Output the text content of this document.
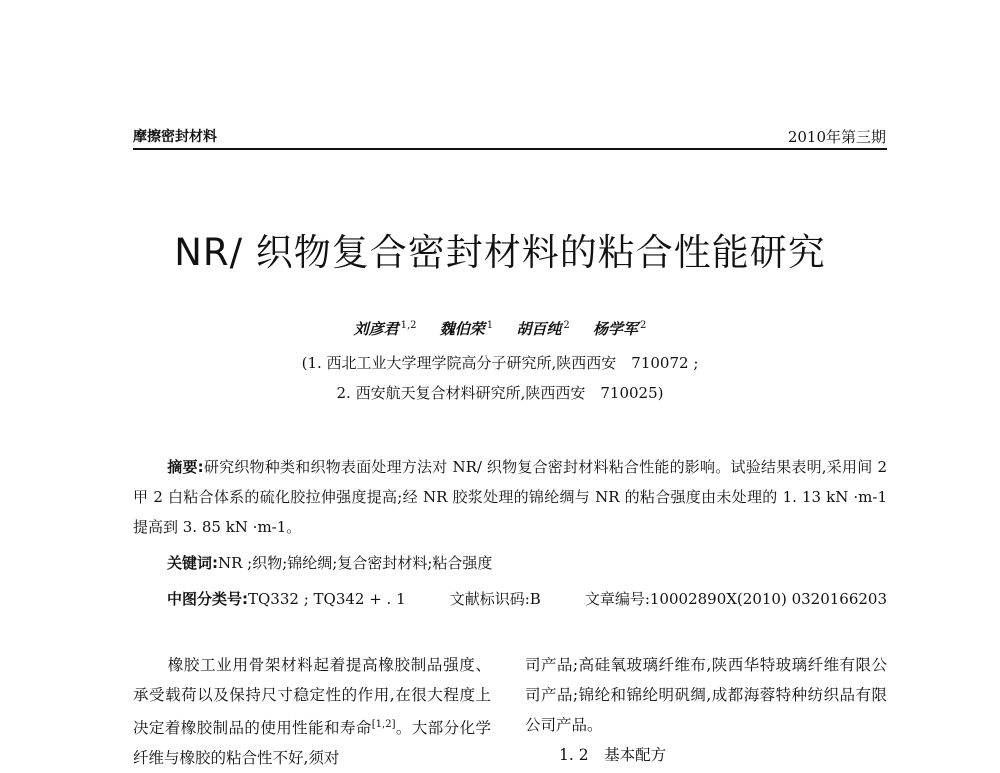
摩擦密封材料	2010年第三期
NR/ 织物复合密封材料的粘合性能研究
刘彦君 $^{1,2}$ 魏伯荣 $^1$ 胡百纯 $^2$ 杨学军 $^2$
(1. 西北工业大学理学院高分子研究所,陕西西安　710072 ;
2. 西安航天复合材料研究所,陕西西安　710025)
摘要:研究织物种类和织物表面处理方法对 NR/ 织物复合密封材料粘合性能的影响。试验结果表明,采用间 2 甲 2 白粘合体系的硫化胶拉伸强度提高;经 NR 胶浆处理的锦纶绸与 NR 的粘合强度由未处理的 1. 13 kN ·m-1 提高到 3. 85 kN ·m-1。
关键词:NR ;织物;锦纶绸;复合密封材料;粘合强度
中图分类号:TQ332 ; TQ342 + . 1	文献标识码:B	文章编号:10002890X(2010) 0320166203
橡胶工业用骨架材料起着提高橡胶制品强度、承受载荷以及保持尺寸稳定性的作用,在很大程度上决定着橡胶制品的使用性能和寿命[1,2]。大部分化学纤维与橡胶的粘合性不好,须对
司产品;高硅氧玻璃纤维布,陕西华特玻璃纤维有限公司产品;锦纶和锦纶明矾绸,成都海蓉特种纺织品有限公司产品。
1. 2　基本配方
